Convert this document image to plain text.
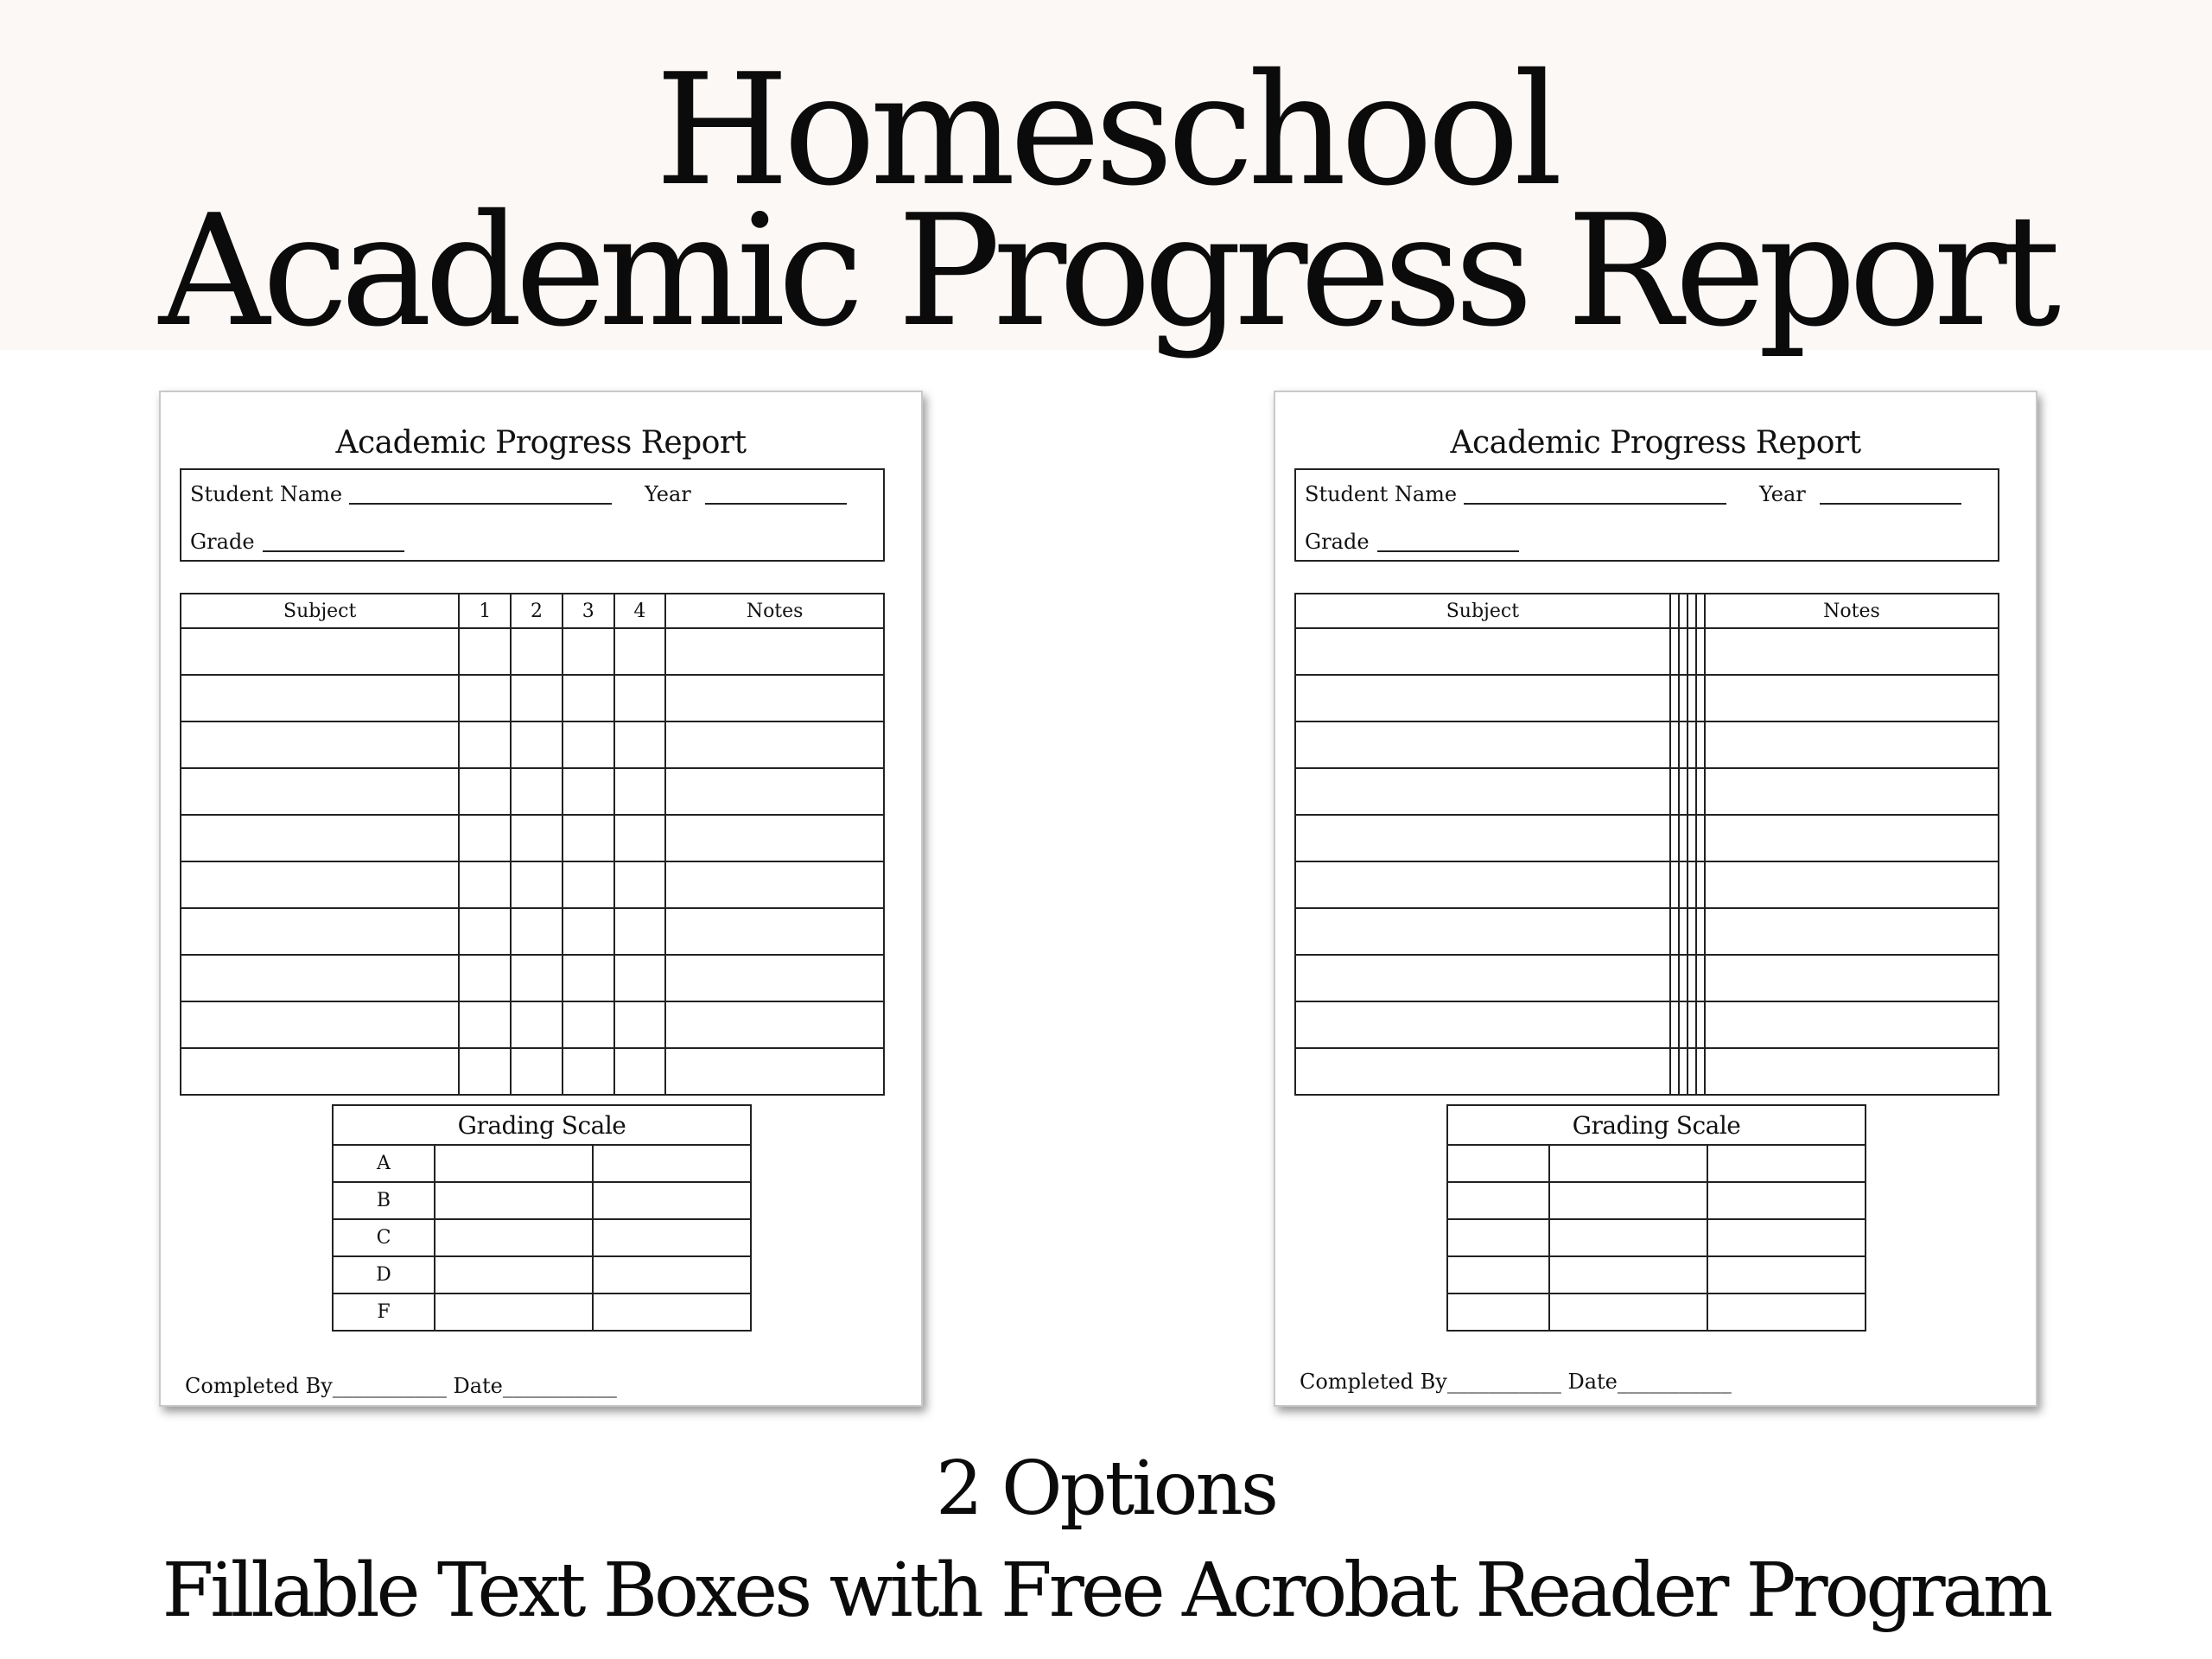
Homeschool
Academic Progress Report
Academic Progress Report
Student Name	Year
Grade
Subject	1	2	3	4	Notes

Grading Scale		
A		
B		
C		
D		
F		
Completed By___________ Date___________
Academic Progress Report
Student Name	Year
Grade
Subject					Notes

Grading Scale		

Completed By___________ Date___________
2 Options
Fillable Text Boxes with Free Acrobat Reader Program
